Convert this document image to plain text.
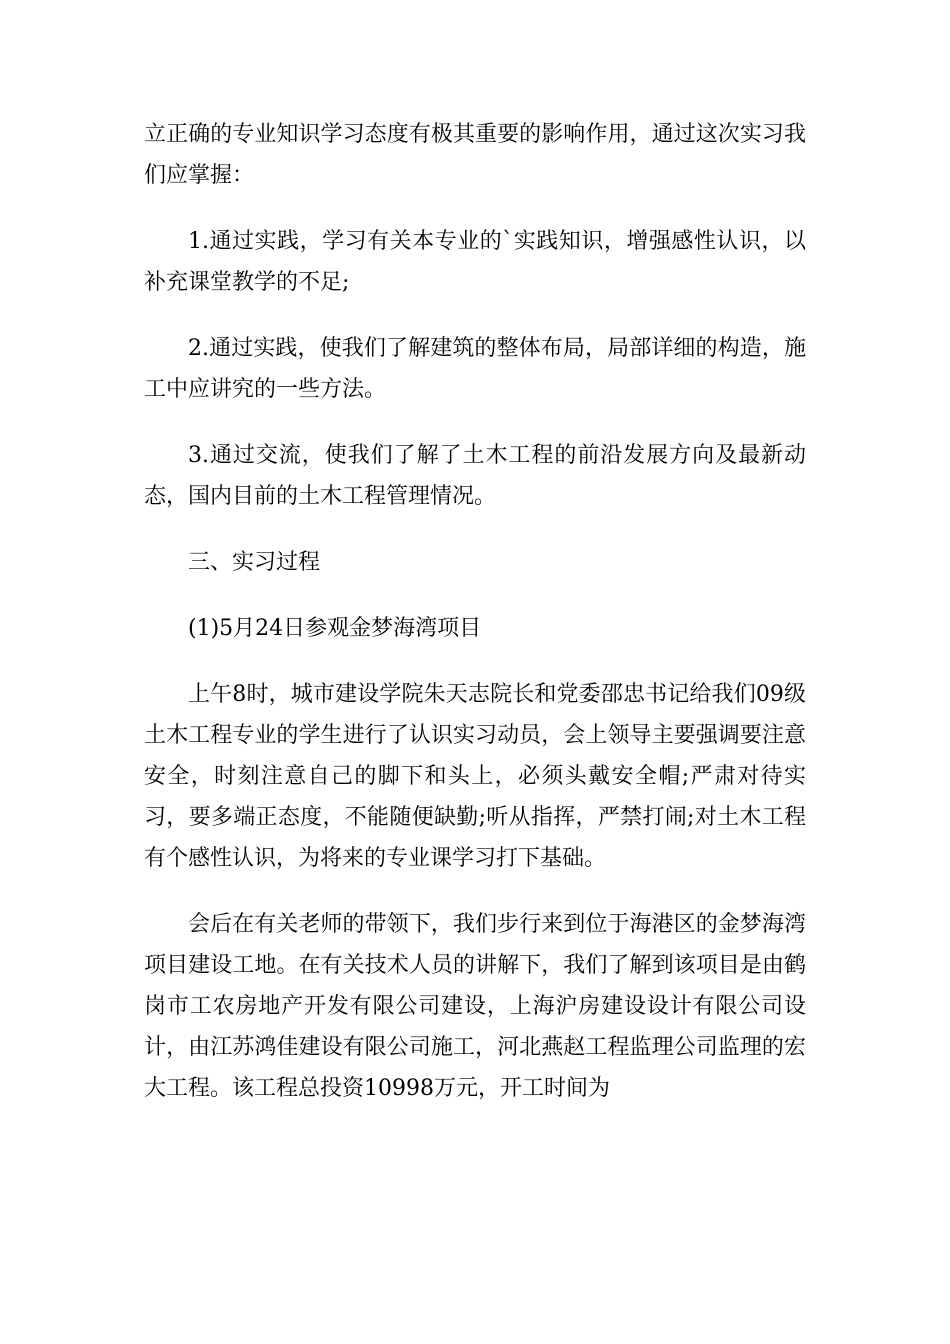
立正确的专业知识学习态度有极其重要的影响作用，通过这次实习我们应掌握：

1.通过实践，学习有关本专业的`实践知识，增强感性认识，以补充课堂教学的不足;

2.通过实践，使我们了解建筑的整体布局，局部详细的构造，施工中应讲究的一些方法。

3.通过交流，使我们了解了土木工程的前沿发展方向及最新动态，国内目前的土木工程管理情况。

三、实习过程

(1)5月24日参观金梦海湾项目

上午8时，城市建设学院朱天志院长和党委邵忠书记给我们09级土木工程专业的学生进行了认识实习动员，会上领导主要强调要注意安全，时刻注意自己的脚下和头上，必须头戴安全帽;严肃对待实习，要多端正态度，不能随便缺勤;听从指挥，严禁打闹;对土木工程有个感性认识，为将来的专业课学习打下基础。

会后在有关老师的带领下，我们步行来到位于海港区的金梦海湾项目建设工地。在有关技术人员的讲解下，我们了解到该项目是由鹤岗市工农房地产开发有限公司建设，上海沪房建设设计有限公司设计，由江苏鸿佳建设有限公司施工，河北燕赵工程监理公司监理的宏大工程。该工程总投资10998万元，开工时间为
